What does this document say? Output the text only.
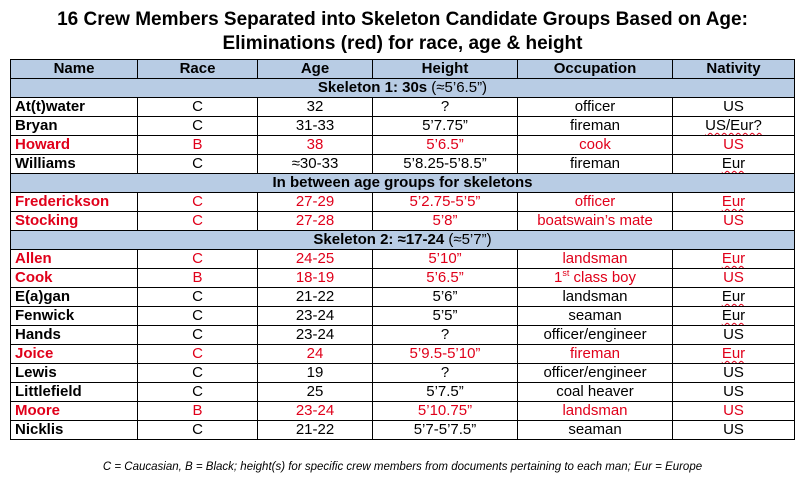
16 Crew Members Separated into Skeleton Candidate Groups Based on Age:
Eliminations (red) for race, age & height
Name	Race	Age	Height	Occupation	Nativity
Skeleton 1: 30s (≈5’6.5”)					
At(t)water	C	32	?	officer	US
Bryan	C	31-33	5’7.75”	fireman	US/Eur?
Howard	B	38	5’6.5”	cook	US
Williams	C	≈30-33	5’8.25-5’8.5”	fireman	Eur
In between age groups for skeletons					
Frederickson	C	27-29	5’2.75-5’5”	officer	Eur
Stocking	C	27-28	5’8”	boatswain’s mate	US
Skeleton 2: ≈17-24 (≈5’7”)					
Allen	C	24-25	5’10”	landsman	Eur
Cook	B	18-19	5’6.5”	1st class boy	US
E(a)gan	C	21-22	5’6”	landsman	Eur
Fenwick	C	23-24	5’5”	seaman	Eur
Hands	C	23-24	?	officer/engineer	US
Joice	C	24	5’9.5-5’10”	fireman	Eur
Lewis	C	19	?	officer/engineer	US
Littlefield	C	25	5’7.5”	coal heaver	US
Moore	B	23-24	5’10.75”	landsman	US
Nicklis	C	21-22	5’7-5’7.5”	seaman	US
C = Caucasian, B = Black; height(s) for specific crew members from documents pertaining to each man; Eur = Europe
